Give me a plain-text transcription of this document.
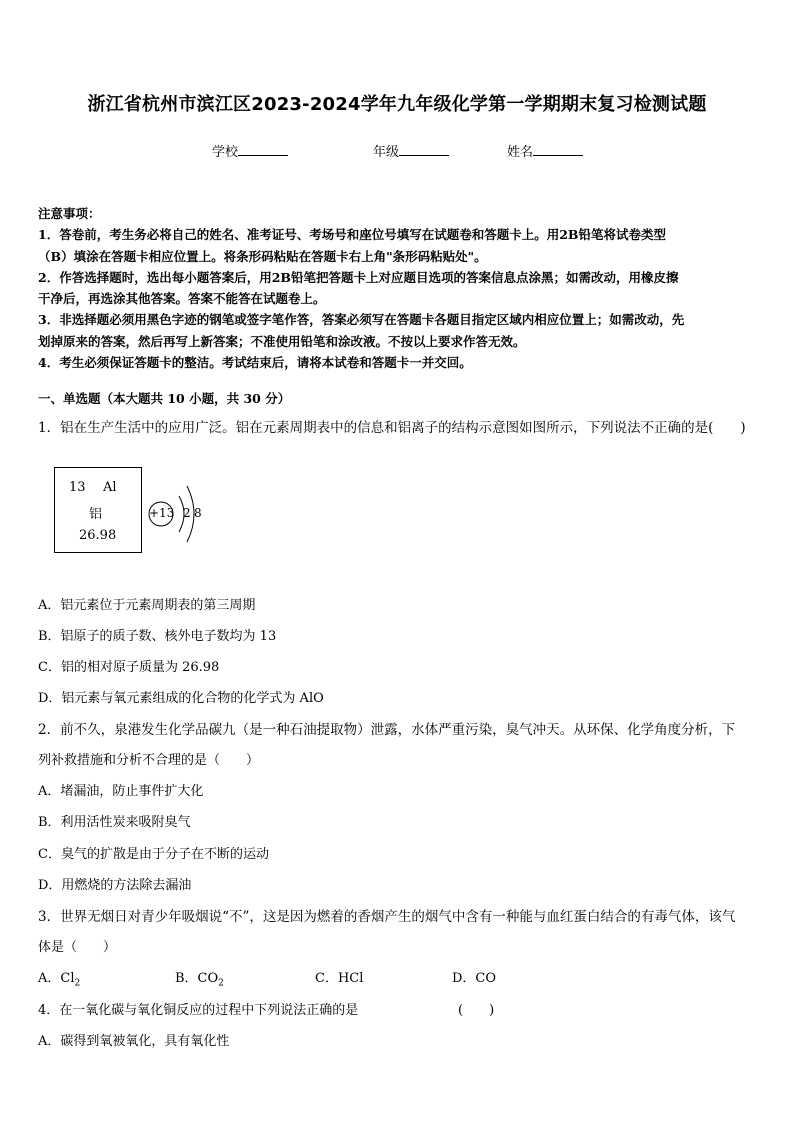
浙江省杭州市滨江区2023-2024学年九年级化学第一学期期末复习检测试题
学校	年级	姓名
注意事项：

1．答卷前，考生务必将自己的姓名、准考证号、考场号和座位号填写在试题卷和答题卡上。用2B铅笔将试卷类型

（B）填涂在答题卡相应位置上。将条形码粘贴在答题卡右上角"条形码粘贴处"。

2．作答选择题时，选出每小题答案后，用2B铅笔把答题卡上对应题目选项的答案信息点涂黑；如需改动，用橡皮擦

干净后，再选涂其他答案。答案不能答在试题卷上。

3．非选择题必须用黑色字迹的钢笔或签字笔作答，答案必须写在答题卡各题目指定区域内相应位置上；如需改动，先

划掉原来的答案，然后再写上新答案；不准使用铅笔和涂改液。不按以上要求作答无效。

4．考生必须保证答题卡的整洁。考试结束后，请将本试卷和答题卡一并交回。

一、单选题（本大题共 10 小题，共 30 分）
1．铝在生产生活中的应用广泛。铝在元素周期表中的信息和铝离子的结构示意图如图所示，下列说法不正确的是(　　)
13 Al
铝
26.98
+13 2 8
A．铝元素位于元素周期表的第三周期
B．铝原子的质子数、核外电子数均为 13
C．铝的相对原子质量为 26.98
D．铝元素与氧元素组成的化合物的化学式为 AlO
2．前不久，泉港发生化学品碳九（是一种石油提取物）泄露，水体严重污染，臭气冲天。从环保、化学角度分析，下
列补救措施和分析不合理的是（　　）
A．堵漏油，防止事件扩大化
B．利用活性炭来吸附臭气
C．臭气的扩散是由于分子在不断的运动
D．用燃烧的方法除去漏油
3．世界无烟日对青少年吸烟说“不”，这是因为燃着的香烟产生的烟气中含有一种能与血红蛋白结合的有毒气体，该气
体是（　　）
A．$Cl_2$	B．$CO_2$	C．HCl	D．CO
4．在一氧化碳与氧化铜反应的过程中下列说法正确的是	(　　)
A．碳得到氧被氧化，具有氧化性
